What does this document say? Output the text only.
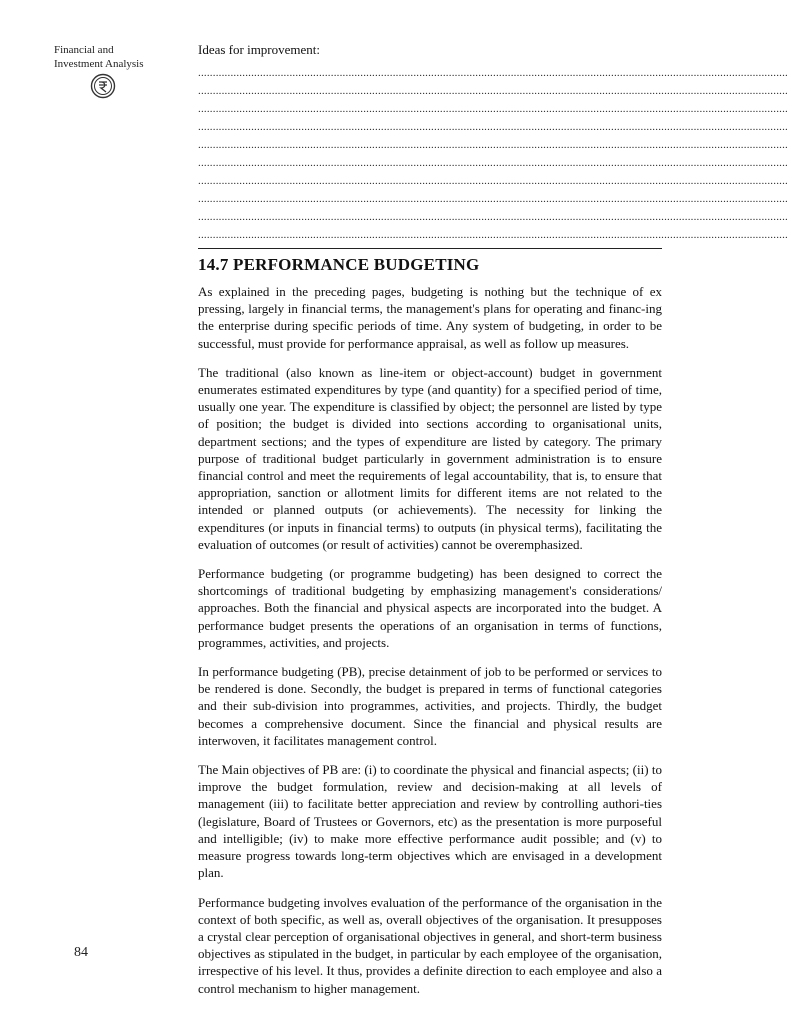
Financial and
Investment Analysis
Ideas for improvement:
........................................................................................................................................................................................................
........................................................................................................................................................................................................
........................................................................................................................................................................................................
........................................................................................................................................................................................................
........................................................................................................................................................................................................
........................................................................................................................................................................................................
........................................................................................................................................................................................................
........................................................................................................................................................................................................
........................................................................................................................................................................................................
........................................................................................................................................................................................................
14.7 PERFORMANCE BUDGETING

As explained in the preceding pages, budgeting is nothing but the technique of ex pressing, largely in financial terms, the management's plans for operating and financ-ing the enterprise during specific periods of time. Any system of budgeting, in order to be successful, must provide for performance appraisal, as well as follow up measures.

The traditional (also known as line-item or object-account) budget in government enumerates estimated expenditures by type (and quantity) for a specified period of time, usually one year. The expenditure is classified by object; the personnel are listed by type of position; the budget is divided into sections according to organisational units, department sections; and the types of expenditure are listed by category. The primary purpose of traditional budget particularly in government administration is to ensure financial control and meet the requirements of legal accountability, that is, to ensure that appropriation, sanction or allotment limits for different items are not related to the intended or planned outputs (or achievements). The necessity for linking the expenditures (or inputs in financial terms) to outputs (in physical terms), facilitating the evaluation of outcomes (or result of activities) cannot be overemphasized.

Performance budgeting (or programme budgeting) has been designed to correct the shortcomings of traditional budgeting by emphasizing management's considerations/ approaches. Both the financial and physical aspects are incorporated into the budget. A performance budget presents the operations of an organisation in terms of functions, programmes, activities, and projects.

In performance budgeting (PB), precise detainment of job to be performed or services to be rendered is done. Secondly, the budget is prepared in terms of functional categories and their sub-division into programmes, activities, and projects. Thirdly, the budget becomes a comprehensive document. Since the financial and physical results are interwoven, it facilitates management control.

The Main objectives of PB are: (i) to coordinate the physical and financial aspects; (ii) to improve the budget formulation, review and decision-making at all levels of management (iii) to facilitate better appreciation and review by controlling authori-ties (legislature, Board of Trustees or Governors, etc) as the presentation is more purposeful and intelligible; (iv) to make more effective performance audit possible; and (v) to measure progress towards long-term objectives which are envisaged in a development plan.

Performance budgeting involves evaluation of the performance of the organisation in the context of both specific, as well as, overall objectives of the organisation. It presupposes a crystal clear perception of organisational objectives in general, and short-term business objectives as stipulated in the budget, in particular by each employee of the organisation, irrespective of his level. It thus, provides a definite direction to each employee and also a control mechanism to higher management.

84
